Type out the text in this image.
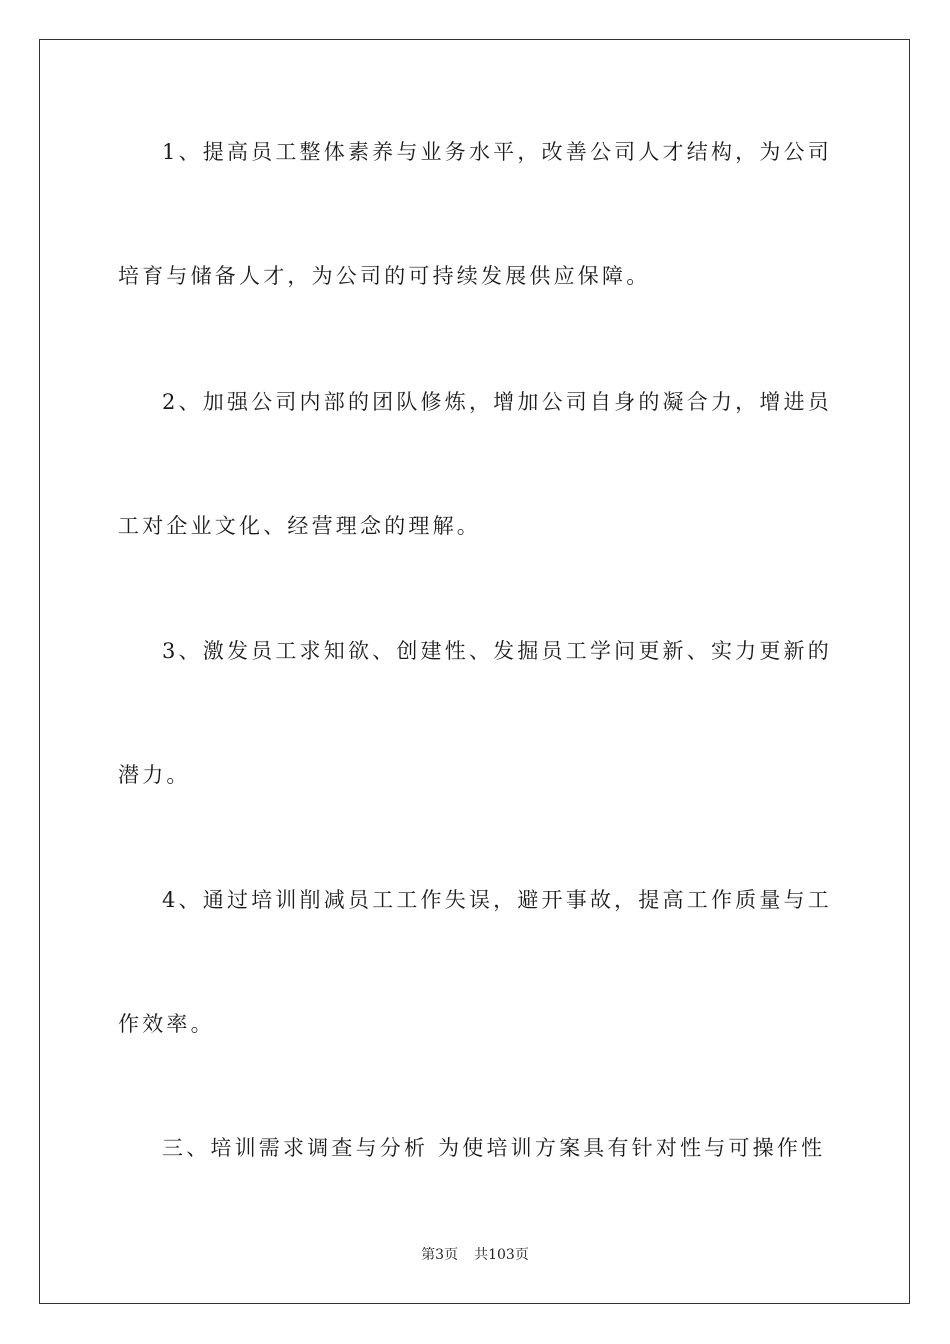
1、提高员工整体素养与业务水平，改善公司人才结构，为公司
培育与储备人才，为公司的可持续发展供应保障。
2、加强公司内部的团队修炼，增加公司自身的凝合力，增进员
工对企业文化、经营理念的理解。
3、激发员工求知欲、创建性、发掘员工学问更新、实力更新的
潜力。
4、通过培训削减员工工作失误，避开事故，提高工作质量与工
作效率。
三、培训需求调查与分析 为使培训方案具有针对性与可操作性
第3页 共103页
